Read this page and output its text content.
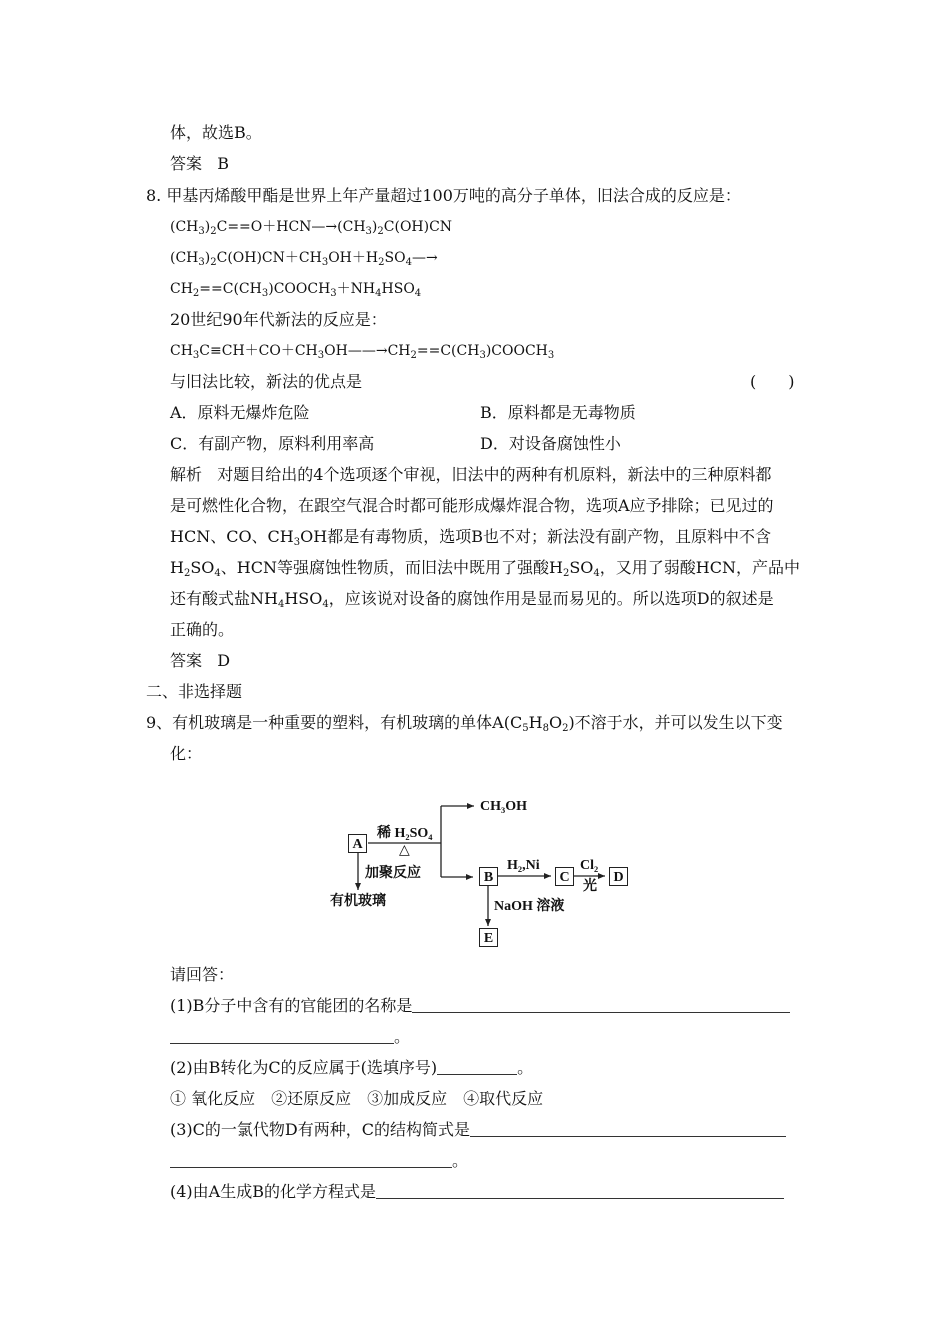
体，故选B。
答案 B
8. 甲基丙烯酸甲酯是世界上年产量超过100万吨的高分子单体，旧法合成的反应是：
$(CH_3)_2C==O+HCN—\to(CH_3)_2C(OH)CN$
$(CH_3)_2C(OH)CN+CH_3OH+H_2SO_4—\to$
$CH_2==C(CH_3)COOCH_3+NH_4HSO_4$
20世纪90年代新法的反应是：
$CH_3C\equiv CH+CO+CH_3OH——\to CH_2==C(CH_3)COOCH_3$
与旧法比较，新法的优点是	(　　)
A．原料无爆炸危险	B．原料都是无毒物质
C．有副产物，原料利用率高	D．对设备腐蚀性小
解析 对题目给出的4个选项逐个审视，旧法中的两种有机原料，新法中的三种原料都
是可燃性化合物，在跟空气混合时都可能形成爆炸混合物，选项A应予排除；已见过的
HCN、CO、$CH_3OH$都是有毒物质，选项B也不对；新法没有副产物，且原料中不含
$H_2SO_4$、HCN等强腐蚀性物质，而旧法中既用了强酸$H_2SO_4$，又用了弱酸HCN，产品中
还有酸式盐$NH_4HSO_4$，应该说对设备的腐蚀作用是显而易见的。所以选项D的叙述是
正确的。
答案 D
二、非选择题
9、有机玻璃是一种重要的塑料，有机玻璃的单体$A(C_5H_8O_2)$不溶于水，并可以发生以下变
化：
A
B	C	D
E
CH₃OH
稀 H₂SO₄
△
加聚反应
有机玻璃
H₂,Ni	Cl₂
光
NaOH 溶液
请回答：
(1)B分子中含有的官能团的名称是
。
(2)由B转化为C的反应属于(选填序号)	。
① 氧化反应　②还原反应　③加成反应　④取代反应
(3)C的一氯代物D有两种，C的结构简式是
。
(4)由A生成B的化学方程式是
